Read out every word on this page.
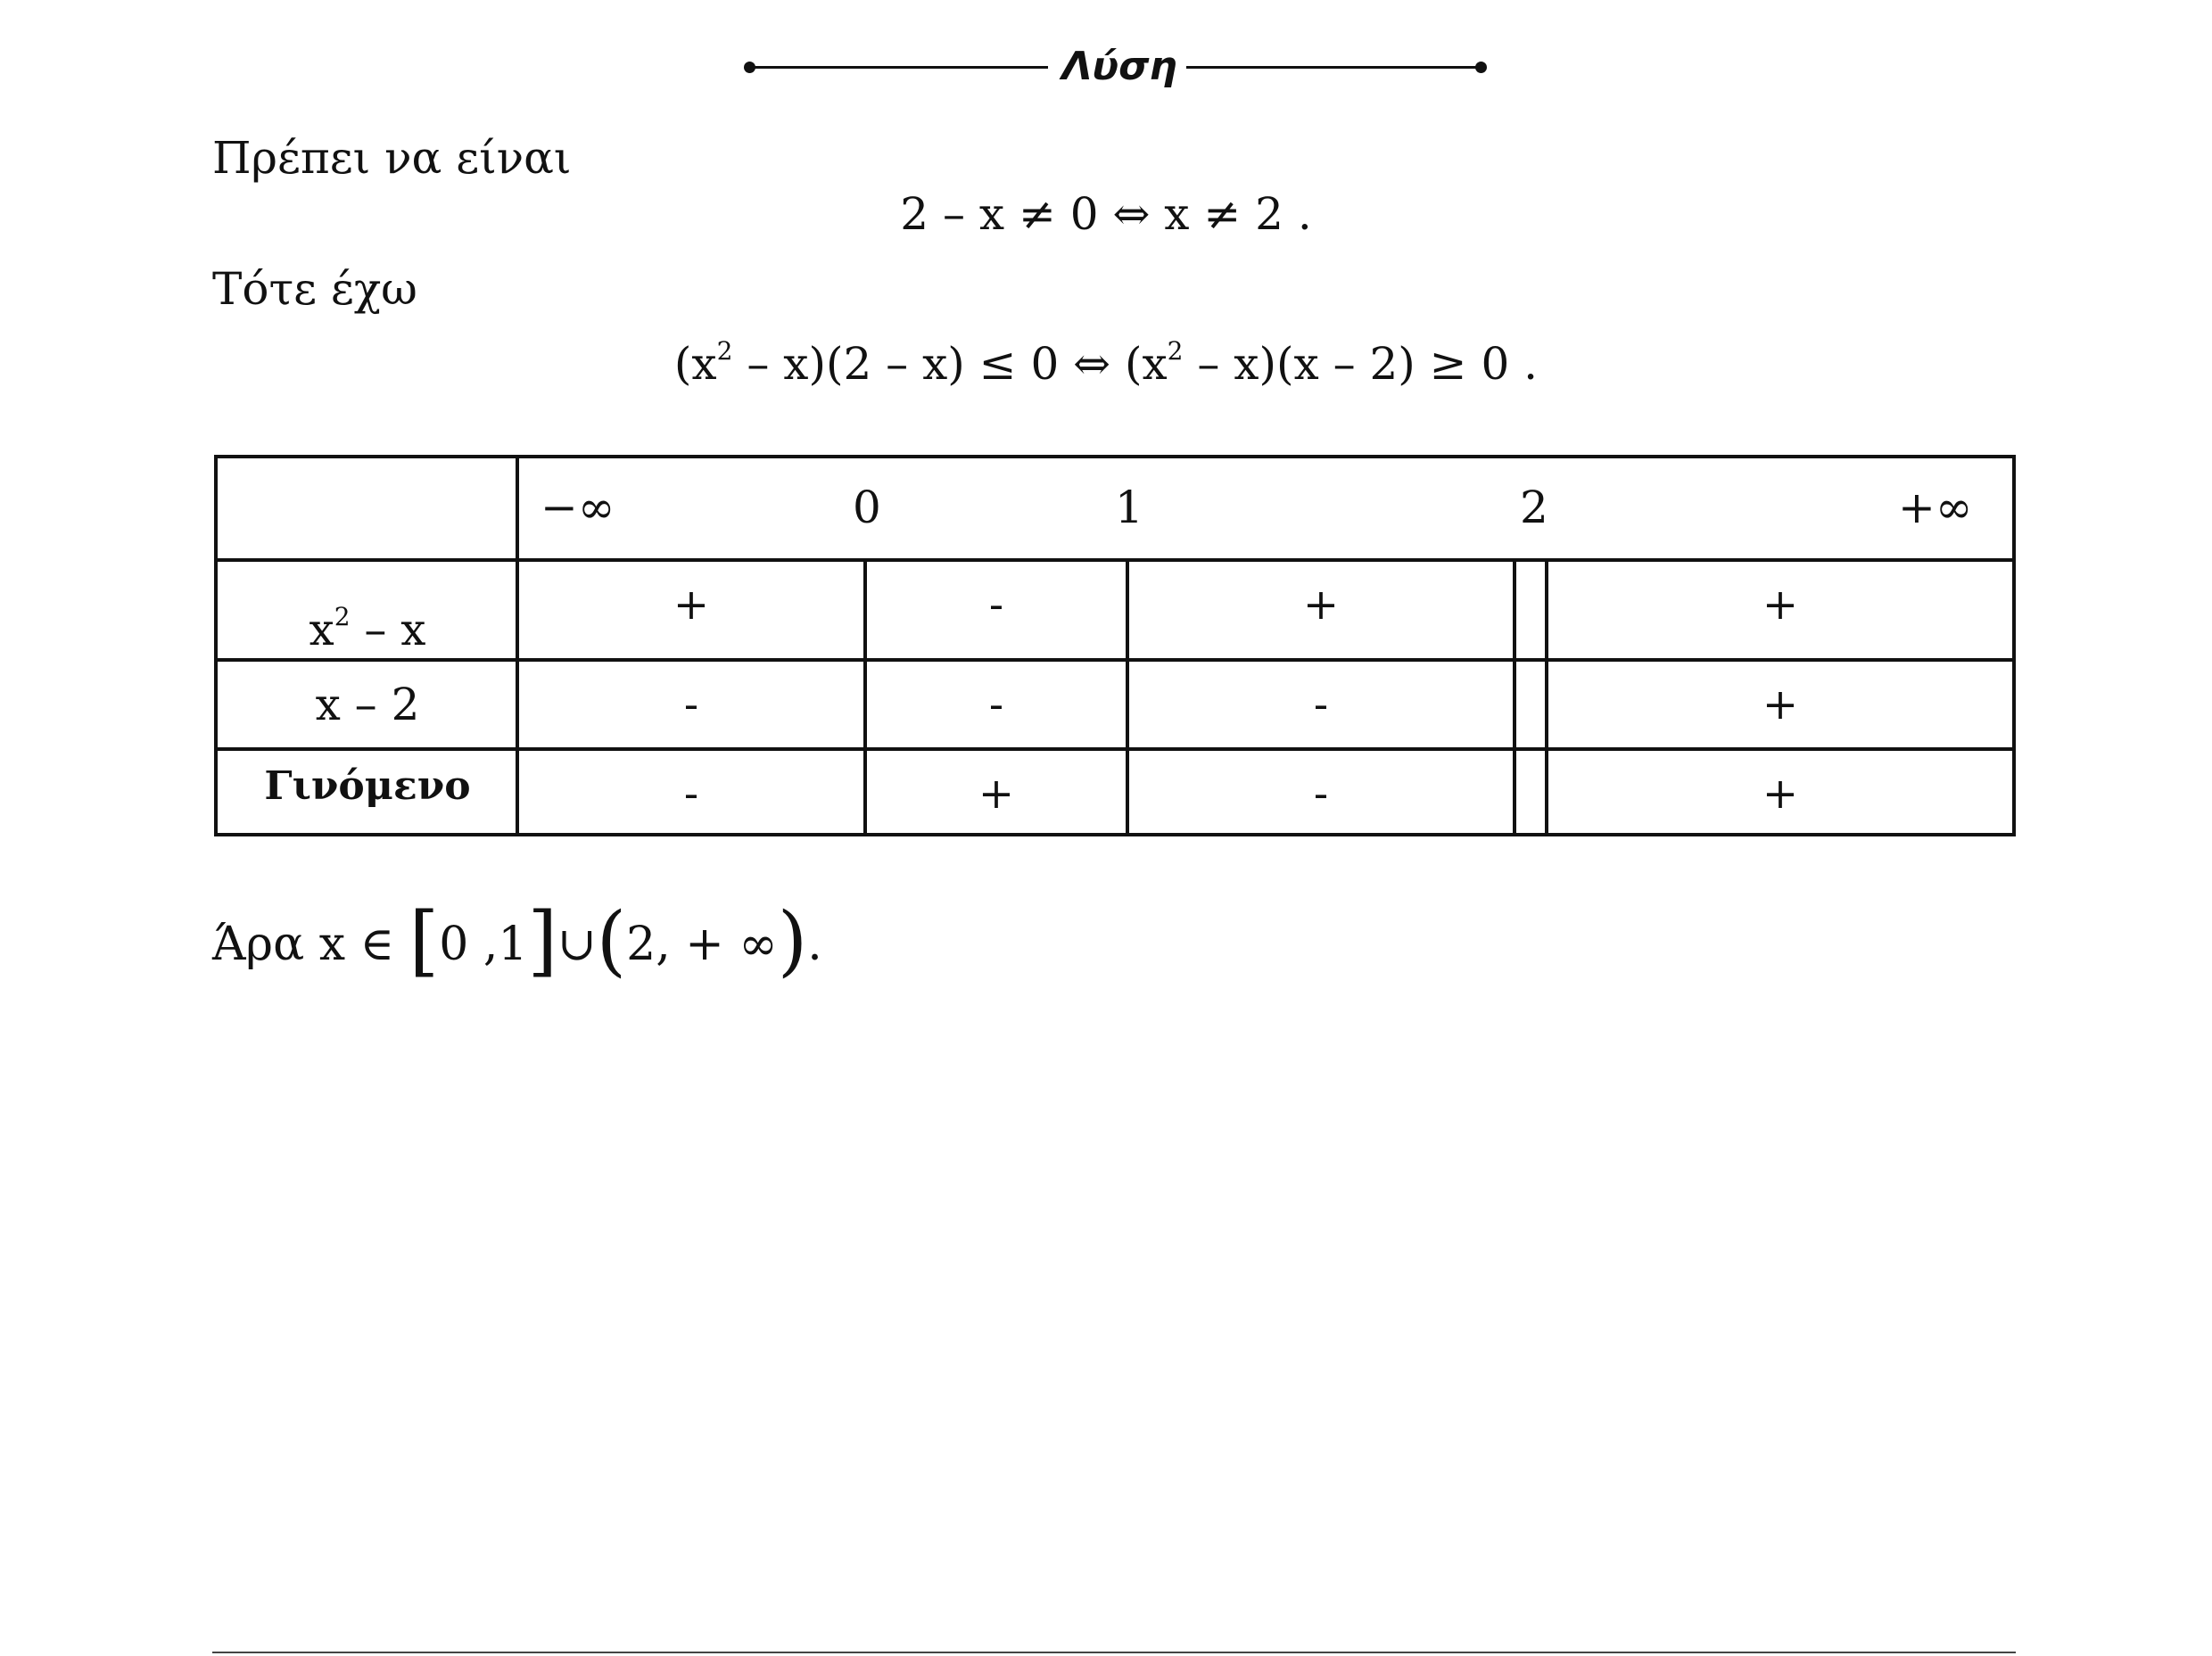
Λύση
Πρέπει να είναι
2 – x ≠ 0 ⇔ x ≠ 2 .
Τότε έχω
$(x^2 - x)(2 - x) \le 0$ ⇔ $(x^2 - x)(x - 2) \ge 0$ .
−∞	0	1	2	+∞
$x^2$ – x	+	-	+	+
x – 2	-	-	-	+
Γινόμενο	-	+	-	+
Άρα x ∈ [0 ,1]∪(2, + ∞).
